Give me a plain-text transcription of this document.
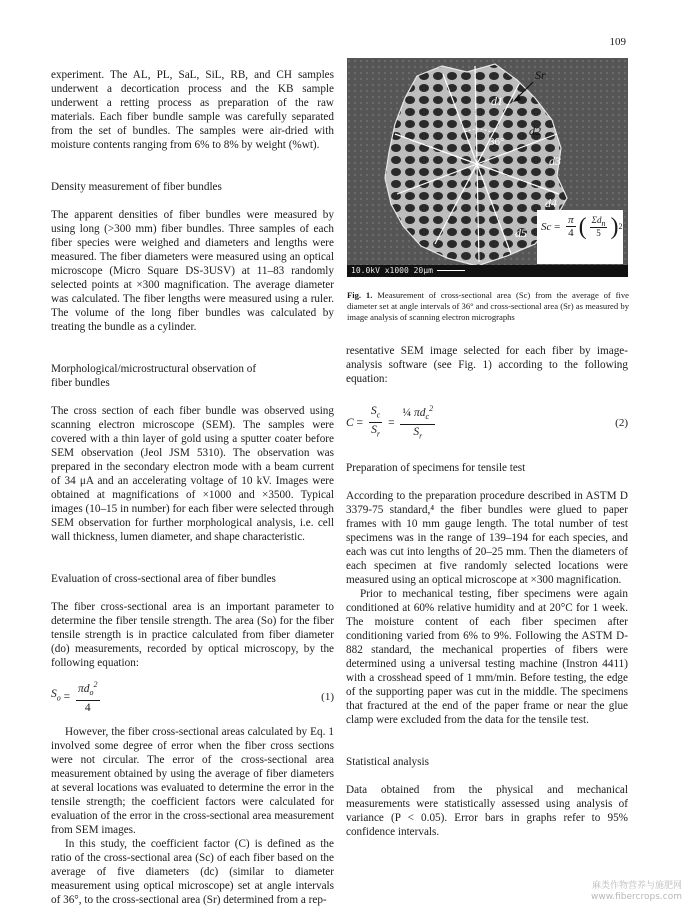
109

experiment. The AL, PL, SaL, SiL, RB, and CH samples underwent a decortication process and the KB sample underwent a retting process as preparation of the raw materials. Each fiber bundle sample was carefully separated from the set of bundles. The samples were air-dried with moisture contents ranging from 6% to 8% by weight (%wt).

Density measurement of fiber bundles

The apparent densities of fiber bundles were measured by using long (>300 mm) fiber bundles. Three samples of each fiber species were weighed and diameters and lengths were measured. The fiber diameters were measured using an optical microscope (Micro Square DS-3USV) at 11–83 randomly selected points at ×300 magnification. The average diameter was calculated. The fiber lengths were measured using a ruler. The volume of the long fiber bundles was calculated by treating the bundle as a cylinder.

Morphological/microstructural observation of
fiber bundles

The cross section of each fiber bundle was observed using scanning electron microscope (SEM). The samples were covered with a thin layer of gold using a sputter coater before SEM observation (Jeol JSM 5310). The observation was prepared in the secondary electron mode with a beam current of 34 μA and an accelerating voltage of 10 kV. Images were obtained at magnifications of ×1000 and ×3500. Typical images (10–15 in number) for each fiber were selected through SEM observation for further morphological analysis, i.e. cell wall thickness, lumen diameter, and shape characteristic.

Evaluation of cross-sectional area of fiber bundles

The fiber cross-sectional area is an important parameter to determine the fiber tensile strength. The area (So) for the fiber tensile strength is in practice calculated from fiber diameter (do) measurements, recorded by optical microscopy, by the following equation:

$S_o = \frac{\pi d_o^2}{4}$	(1)

However, the fiber cross-sectional areas calculated by Eq. 1 involved some degree of error when the fiber cross sections were not circular. The error of the cross-sectional area measurement obtained by using the average of fiber diameters at several locations was evaluated to determine the error in the tensile strength; the coefficient factors were calculated for evaluation of the error in the cross-sectional area measurement from SEM images.

In this study, the coefficient factor (C) is defined as the ratio of the cross-sectional area (Sc) of each fiber based on the average of five diameters (dc) (similar to diameter measurement using optical microscope) set at angle intervals of 36°, to the cross-sectional area (Sr) determined from a rep-

Sr
d1
d2
d3
d4
d5
36°
$Sc = \frac{\pi}{4}$ ( $\frac{\text{Σdn}}{5}$ ) 2
10.0kV x1000 20μm
Fig. 1. Measurement of cross-sectional area (Sc) from the average of five diameter set at angle intervals of 36° and cross-sectional area (Sr) as measured by image analysis of scanning electron micrographs

resentative SEM image selected for each fiber by image-analysis software (see Fig. 1) according to the following equation:

$C = \frac{S_c}{S_r} = \frac{\frac{1}{4} \pi d_c^2}{S_r}$	(2)
Preparation of specimens for tensile test

According to the preparation procedure described in ASTM D 3379-75 standard,⁴ the fiber bundles were glued to paper frames with 10 mm gauge length. The total number of test specimens was in the range of 139–194 for each species, and each was cut into lengths of 20–25 mm. Then the diameters of each specimen at five randomly selected locations were measured using an optical microscope at ×300 magnification.

Prior to mechanical testing, fiber specimens were again conditioned at 60% relative humidity and at 20°C for 1 week. The moisture content of each fiber specimen after conditioning varied from 6% to 9%. Following the ASTM D-882 standard, the mechanical properties of fibers were determined using a universal testing machine (Instron 4411) with a crosshead speed of 1 mm/min. Before testing, the edge of the supporting paper was cut in the middle. The specimens that fractured at the end of the paper frame or near the glue clamp were excluded from the data for the tensile test.

Statistical analysis

Data obtained from the physical and mechanical measurements were statistically assessed using analysis of variance (P < 0.05). Error bars in graphs refer to 95% confidence intervals.

麻类作物营养与施肥网
www.fibercrops.com
